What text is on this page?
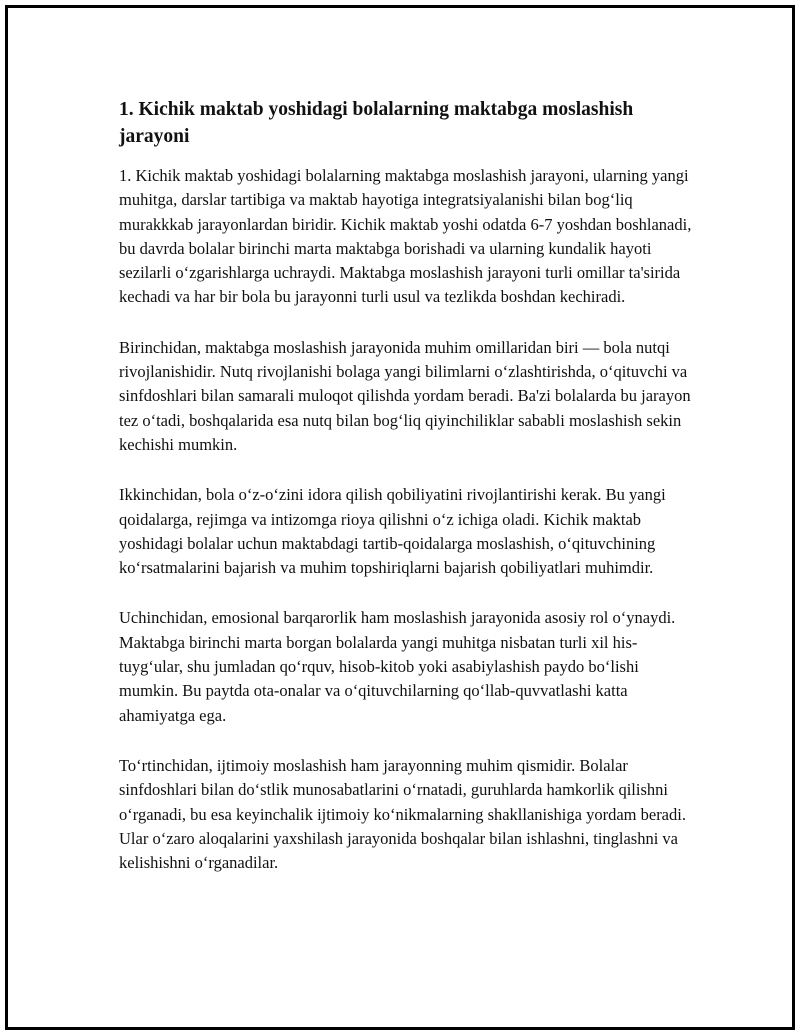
1. Kichik maktab yoshidagi bolalarning maktabga moslashish jarayoni

1. Kichik maktab yoshidagi bolalarning maktabga moslashish jarayoni, ularning yangi muhitga, darslar tartibiga va maktab hayotiga integratsiyalanishi bilan bog‘liq murakkkab jarayonlardan biridir. Kichik maktab yoshi odatda 6-7 yoshdan boshlanadi, bu davrda bolalar birinchi marta maktabga borishadi va ularning kundalik hayoti sezilarli o‘zgarishlarga uchraydi. Maktabga moslashish jarayoni turli omillar ta'sirida kechadi va har bir bola bu jarayonni turli usul va tezlikda boshdan kechiradi.

Birinchidan, maktabga moslashish jarayonida muhim omillaridan biri — bola nutqi rivojlanishidir. Nutq rivojlanishi bolaga yangi bilimlarni o‘zlashtirishda, o‘qituvchi va sinfdoshlari bilan samarali muloqot qilishda yordam beradi. Ba'zi bolalarda bu jarayon tez o‘tadi, boshqalarida esa nutq bilan bog‘liq qiyinchiliklar sababli moslashish sekin kechishi mumkin.

Ikkinchidan, bola o‘z-o‘zini idora qilish qobiliyatini rivojlantirishi kerak. Bu yangi qoidalarga, rejimga va intizomga rioya qilishni o‘z ichiga oladi. Kichik maktab yoshidagi bolalar uchun maktabdagi tartib-qoidalarga moslashish, o‘qituvchining ko‘rsatmalarini bajarish va muhim topshiriqlarni bajarish qobiliyatlari muhimdir.

Uchinchidan, emosional barqarorlik ham moslashish jarayonida asosiy rol o‘ynaydi. Maktabga birinchi marta borgan bolalarda yangi muhitga nisbatan turli xil his-tuyg‘ular, shu jumladan qo‘rquv, hisob-kitob yoki asabiylashish paydo bo‘lishi mumkin. Bu paytda ota-onalar va o‘qituvchilarning qo‘llab-quvvatlashi katta ahamiyatga ega.

To‘rtinchidan, ijtimoiy moslashish ham jarayonning muhim qismidir. Bolalar sinfdoshlari bilan do‘stlik munosabatlarini o‘rnatadi, guruhlarda hamkorlik qilishni o‘rganadi, bu esa keyinchalik ijtimoiy ko‘nikmalarning shakllanishiga yordam beradi. Ular o‘zaro aloqalarini yaxshilash jarayonida boshqalar bilan ishlashni, tinglashni va kelishishni o‘rganadilar.
